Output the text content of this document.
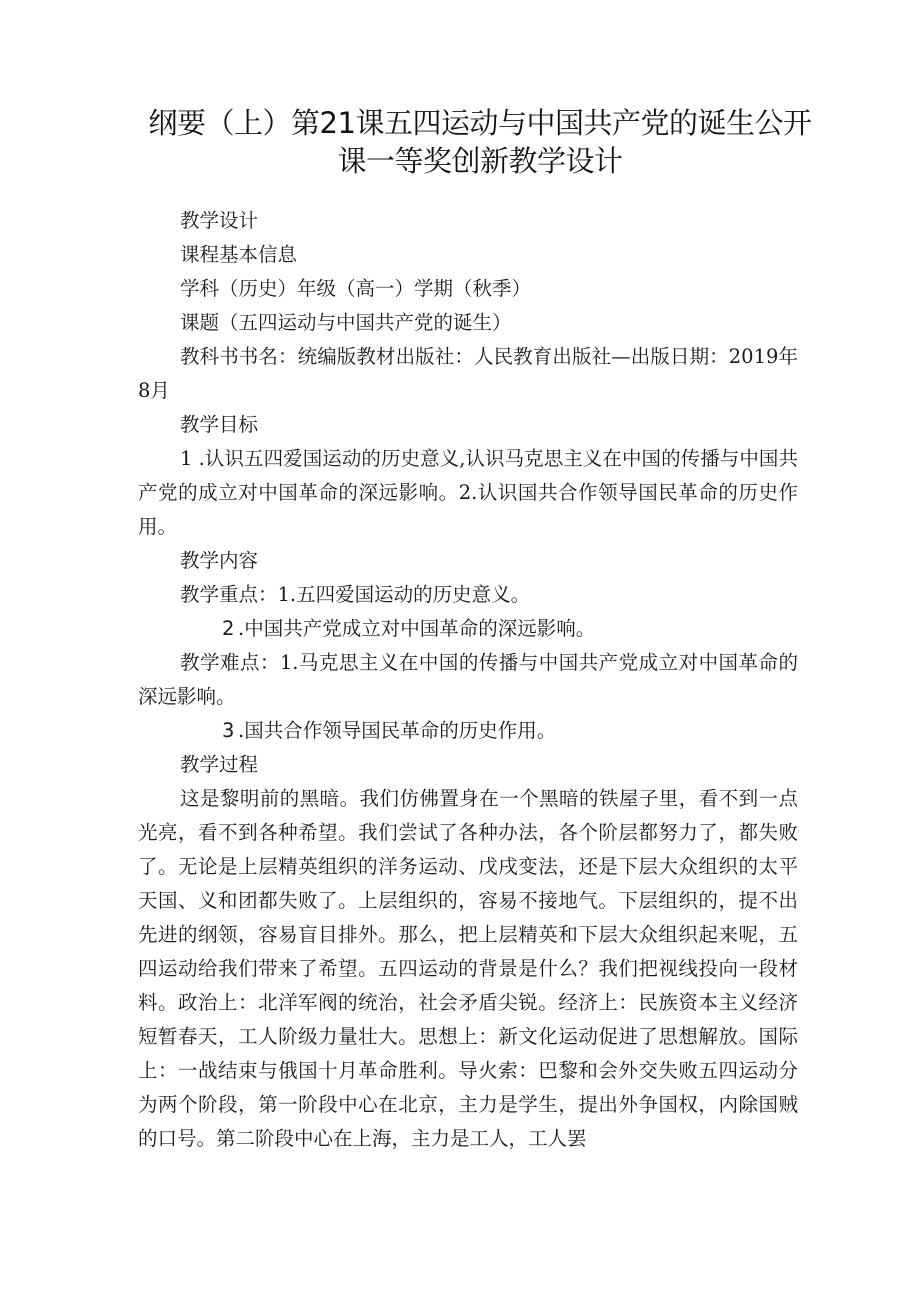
纲要（上）第21课五四运动与中国共产党的诞生公开课一等奖创新教学设计

教学设计

课程基本信息

学科（历史）年级（高一）学期（秋季）

课题（五四运动与中国共产党的诞生）

教科书书名：统编版教材出版社：人民教育出版社—出版日期：2019年8月

教学目标

1 .认识五四爱国运动的历史意义,认识马克思主义在中国的传播与中国共产党的成立对中国革命的深远影响。2.认识国共合作领导国民革命的历史作用。

教学内容

教学重点：1.五四爱国运动的历史意义。

2 .中国共产党成立对中国革命的深远影响。

教学难点：1.马克思主义在中国的传播与中国共产党成立对中国革命的深远影响。

3 .国共合作领导国民革命的历史作用。

教学过程

这是黎明前的黑暗。我们仿佛置身在一个黑暗的铁屋子里，看不到一点光亮，看不到各种希望。我们尝试了各种办法，各个阶层都努力了，都失败了。无论是上层精英组织的洋务运动、戊戌变法，还是下层大众组织的太平天国、义和团都失败了。上层组织的，容易不接地气。下层组织的，提不出先进的纲领，容易盲目排外。那么，把上层精英和下层大众组织起来呢，五四运动给我们带来了希望。五四运动的背景是什么？我们把视线投向一段材料。政治上：北洋军阀的统治，社会矛盾尖锐。经济上：民族资本主义经济短暂春天，工人阶级力量壮大。思想上：新文化运动促进了思想解放。国际上：一战结束与俄国十月革命胜利。导火索：巴黎和会外交失败五四运动分为两个阶段，第一阶段中心在北京，主力是学生，提出外争国权，内除国贼的口号。第二阶段中心在上海，主力是工人，工人罢
